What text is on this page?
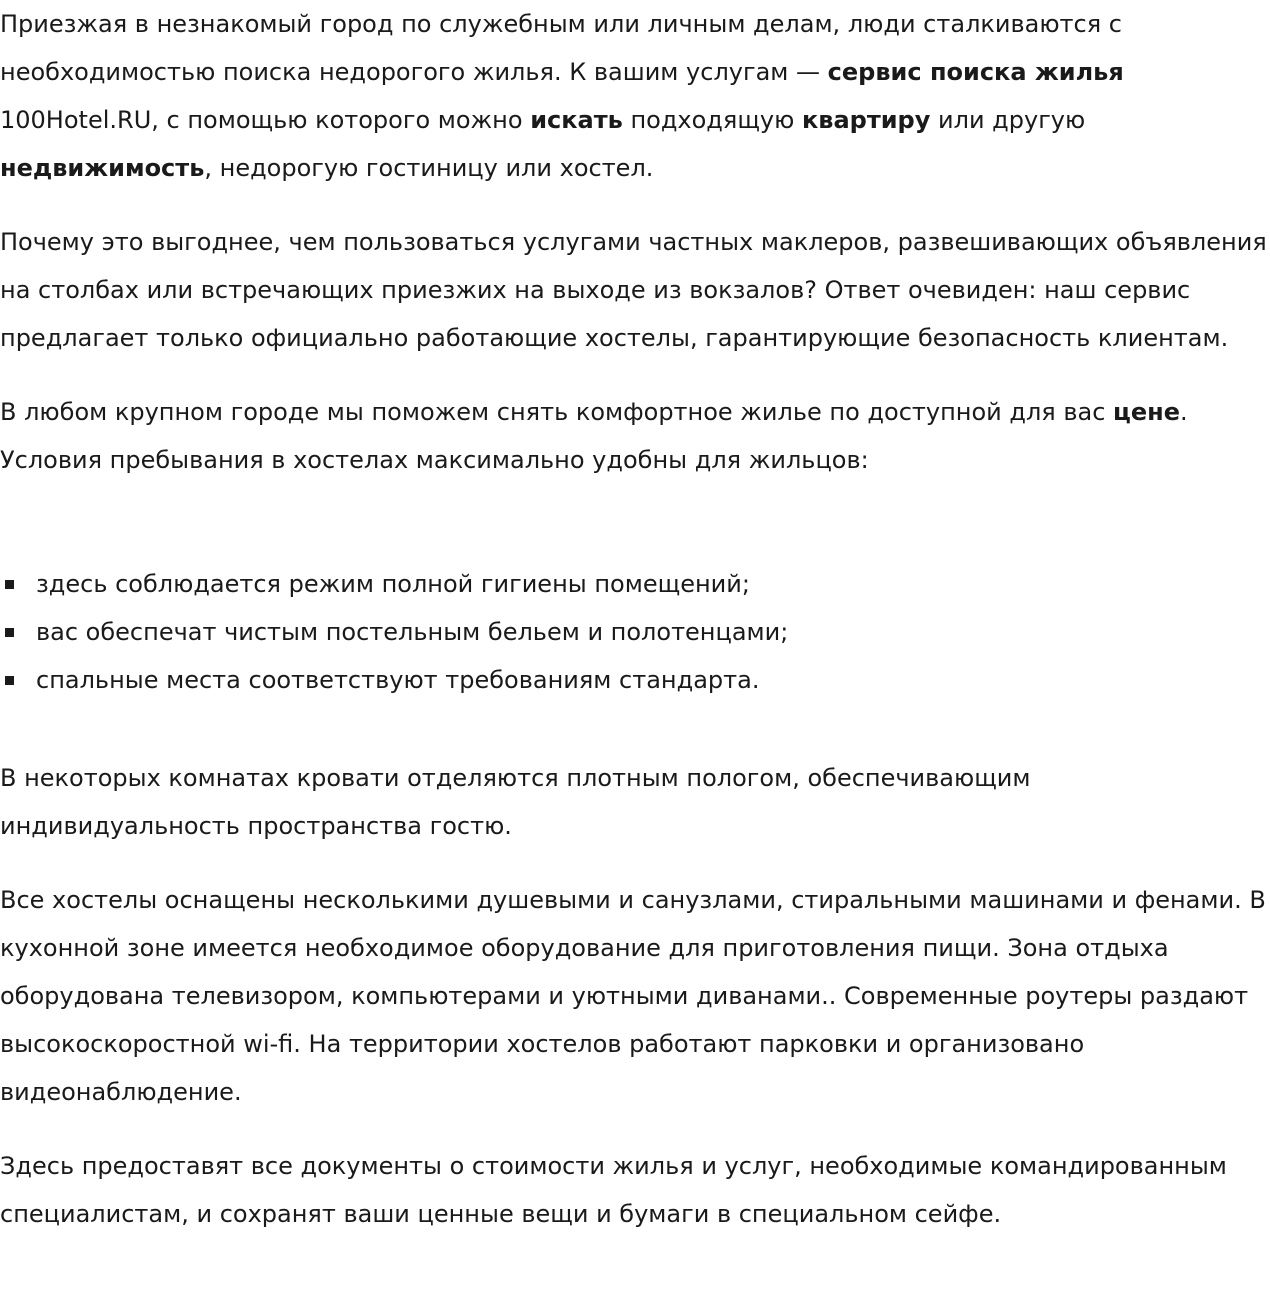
Приезжая в незнакомый город по служебным или личным делам, люди сталкиваются с необходимостью поиска недорогого жилья. К вашим услугам — сервис поиска жилья 100Hotel.RU, с помощью которого можно искать подходящую квартиру или другую недвижимость, недорогую гостиницу или хостел.

Почему это выгоднее, чем пользоваться услугами частных маклеров, развешивающих объявления на столбах или встречающих приезжих на выходе из вокзалов? Ответ очевиден: наш сервис предлагает только официально работающие хостелы, гарантирующие безопасность клиентам.

В любом крупном городе мы поможем снять комфортное жилье по доступной для вас цене. Условия пребывания в хостелах максимально удобны для жильцов:

здесь соблюдается режим полной гигиены помещений;
вас обеспечат чистым постельным бельем и полотенцами;
спальные места соответствуют требованиям стандарта.

В некоторых комнатах кровати отделяются плотным пологом, обеспечивающим индивидуальность пространства гостю.

Все хостелы оснащены несколькими душевыми и санузлами, стиральными машинами и фенами. В кухонной зоне имеется необходимое оборудование для приготовления пищи. Зона отдыха оборудована телевизором, компьютерами и уютными диванами.. Современные роутеры раздают высокоскоростной wi-fi. На территории хостелов работают парковки и организовано видеонаблюдение.

Здесь предоставят все документы о стоимости жилья и услуг, необходимые командированным специалистам, и сохранят ваши ценные вещи и бумаги в специальном сейфе.
